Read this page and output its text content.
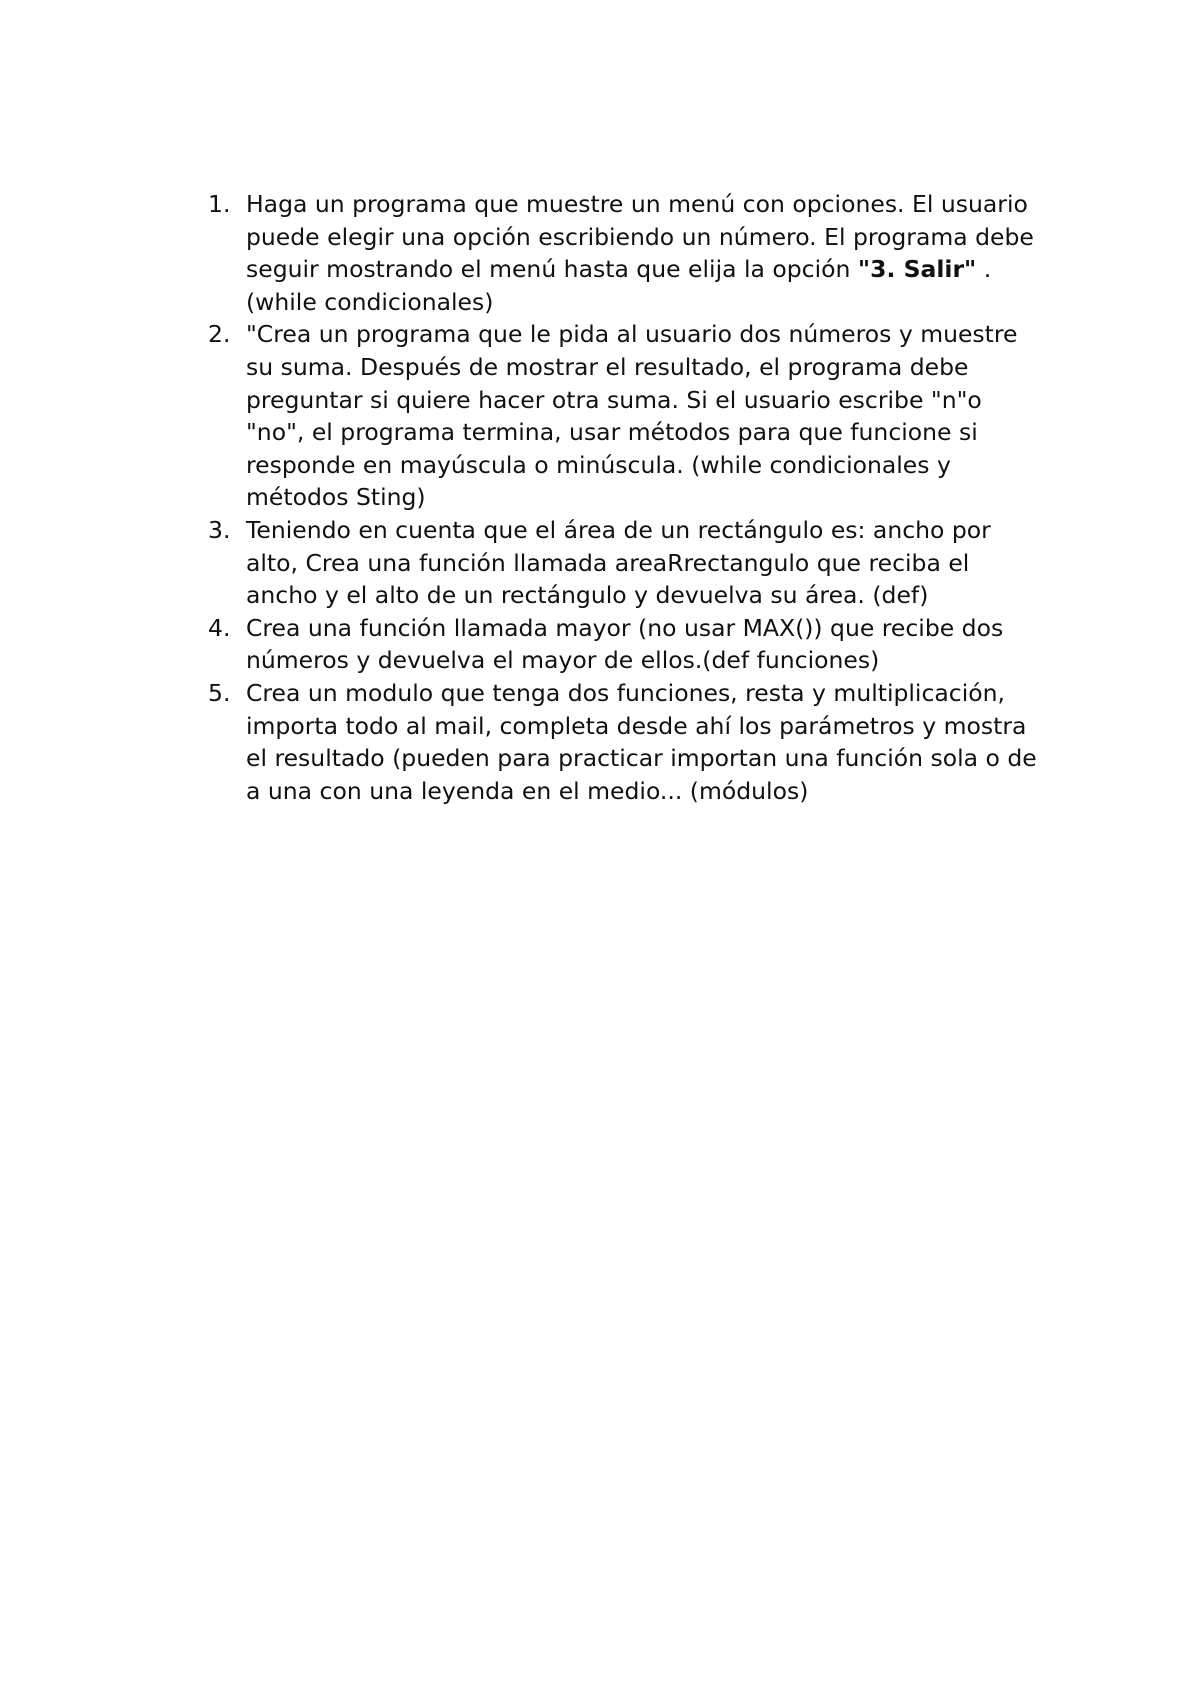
1. Haga un programa que muestre un menú con opciones. El usuario puede elegir una opción escribiendo un número. El programa debe seguir mostrando el menú hasta que elija la opción "3. Salir" . (while condicionales)
2. "Crea un programa que le pida al usuario dos números y muestre su suma. Después de mostrar el resultado, el programa debe preguntar si quiere hacer otra suma. Si el usuario escribe "n"o "no", el programa termina, usar métodos para que funcione si responde en mayúscula o minúscula. (while condicionales y métodos Sting)
3. Teniendo en cuenta que el área de un rectángulo es: ancho por alto, Crea una función llamada areaRrectangulo que reciba el ancho y el alto de un rectángulo y devuelva su área. (def)
4. Crea una función llamada mayor (no usar MAX()) que recibe dos números y devuelva el mayor de ellos.(def funciones)
5. Crea un modulo que tenga dos funciones, resta y multiplicación, importa todo al mail, completa desde ahí los parámetros y mostra el resultado (pueden para practicar importan una función sola o de a una con una leyenda en el medio... (módulos)
